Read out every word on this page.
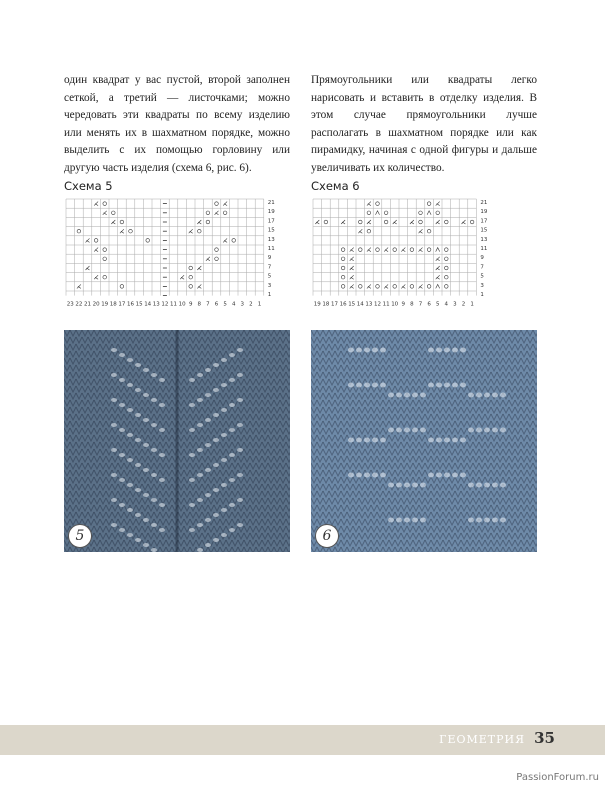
один квадрат у вас пустой, второй заполнен сеткой, а третий — листочками; можно чередовать эти квадраты по всему изделию или менять их в шахматном порядке, можно выделить с их помощью горловину или другую часть изделия (схема 6, рис. 6).

Прямоугольники или квадраты легко нарисовать и вставить в отделку изделия. В этом случае прямоугольники лучше располагать в шахматном порядке или как пирамидку, начиная с одной фигуры и дальше увеличивать их количество.

Схема 5	Схема 6
21
19
17
15
13
11
9
7
5
3
1
23 22 21 20 19 18 17 16 15 14 13 12 11 10 9 8 7 6 5 4 3 2 1
21
19
17
15
13
11
9
7
5
3
1
19 18 17 16 15 14 13 12 11 10 9 8 7 6 5 4 3 2 1
5	6
ГЕОМЕТРИЯ 35
PassionForum.ru
